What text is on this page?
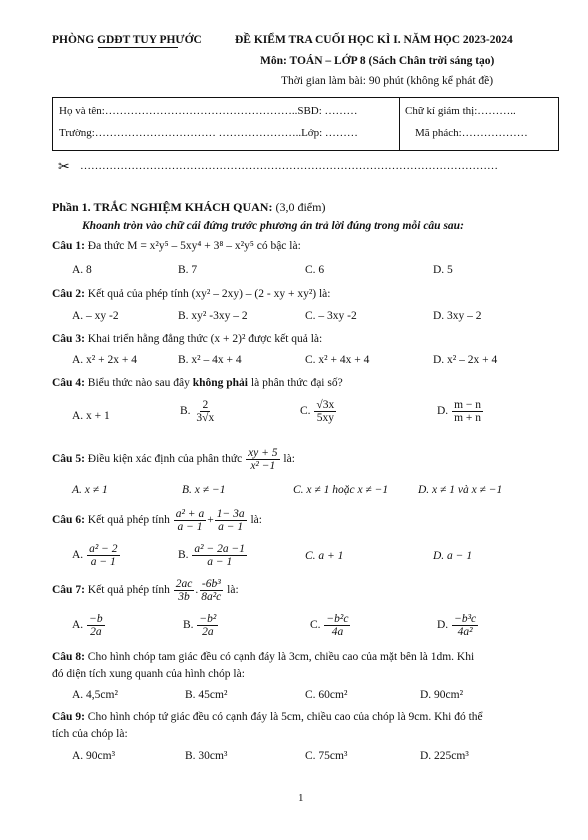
PHÒNG GDĐT TUY PHƯỚC	ĐỀ KIỂM TRA CUỐI HỌC KÌ I. NĂM HỌC 2023-2024
Môn: TOÁN – LỚP 8 (Sách Chân trời sáng tạo)
Thời gian làm bài: 90 phút (không kể phát đề)
Họ và tên:……………………………………………..SBD: ………
Trường:…………………………… …………………..Lớp: ………
Chữ kí giám thị:………..
Mã phách:………………
✂ ……………………………………………………………………………………………………
Phần 1. TRẮC NGHIỆM KHÁCH QUAN: (3,0 điểm)
Khoanh tròn vào chữ cái đứng trước phương án trả lời đúng trong mỗi câu sau:
Câu 1: Đa thức M = x²y⁵ – 5xy⁴ + 3⁸ – x²y⁵ có bậc là:
A. 8	B. 7	C. 6	D. 5
Câu 2: Kết quả của phép tính (xy² – 2xy) – (2 - xy + xy²) là:
A. – xy -2	B. xy² -3xy – 2	C. – 3xy -2	D. 3xy – 2
Câu 3: Khai triển hằng đẳng thức (x + 2)² được kết quả là:
A. x² + 2x + 4	B. x² – 4x + 4	C. x² + 4x + 4	D. x² – 2x + 4
Câu 4: Biểu thức nào sau đây không phải là phân thức đại số?
A. x + 1	B. $\frac{2}{3√x}$	C. $\frac{√3x}{5xy}$	D. $\frac{m - n}{m + n}$
Câu 5: Điều kiện xác định của phân thức $\frac{xy + 5}{\text{x² −1}}$ là:
A. x ≠ 1	B. x ≠ −1	C. x ≠ 1 hoặc x ≠ −1	D. x ≠ 1 và x ≠ −1
Câu 6: Kết quả phép tính $\frac{\text{a² + a}}{a - 1} + \frac{1- 3a}{a - 1}$ là:
A. $\frac{\text{a² − 2}}{a - 1}$	B. $\frac{\text{a² − 2a −1}}{a - 1}$	C. a + 1	D. a − 1
Câu 7: Kết quả phép tính $\frac{2ac}{3b}$ . $\frac{\text{-6b³}}{\text{8a²c}}$ là:
A. $\frac{-b}{2a}$	B. $\frac{\text{−b²}}{2a}$	C. $\frac{\text{−b²c}}{4a}$	D. $\frac{\text{−b³c}}{\text{4a²}}$
Câu 8: Cho hình chóp tam giác đều có cạnh đáy là 3cm, chiều cao của mặt bên là 1dm. Khi
đó diện tích xung quanh của hình chóp là:
A. 4,5cm²	B. 45cm²	C. 60cm²	D. 90cm²
Câu 9: Cho hình chóp tứ giác đều có cạnh đáy là 5cm, chiều cao của chóp là 9cm. Khi đó thể
tích của chóp là:
A. 90cm³	B. 30cm³	C. 75cm³	D. 225cm³
1
